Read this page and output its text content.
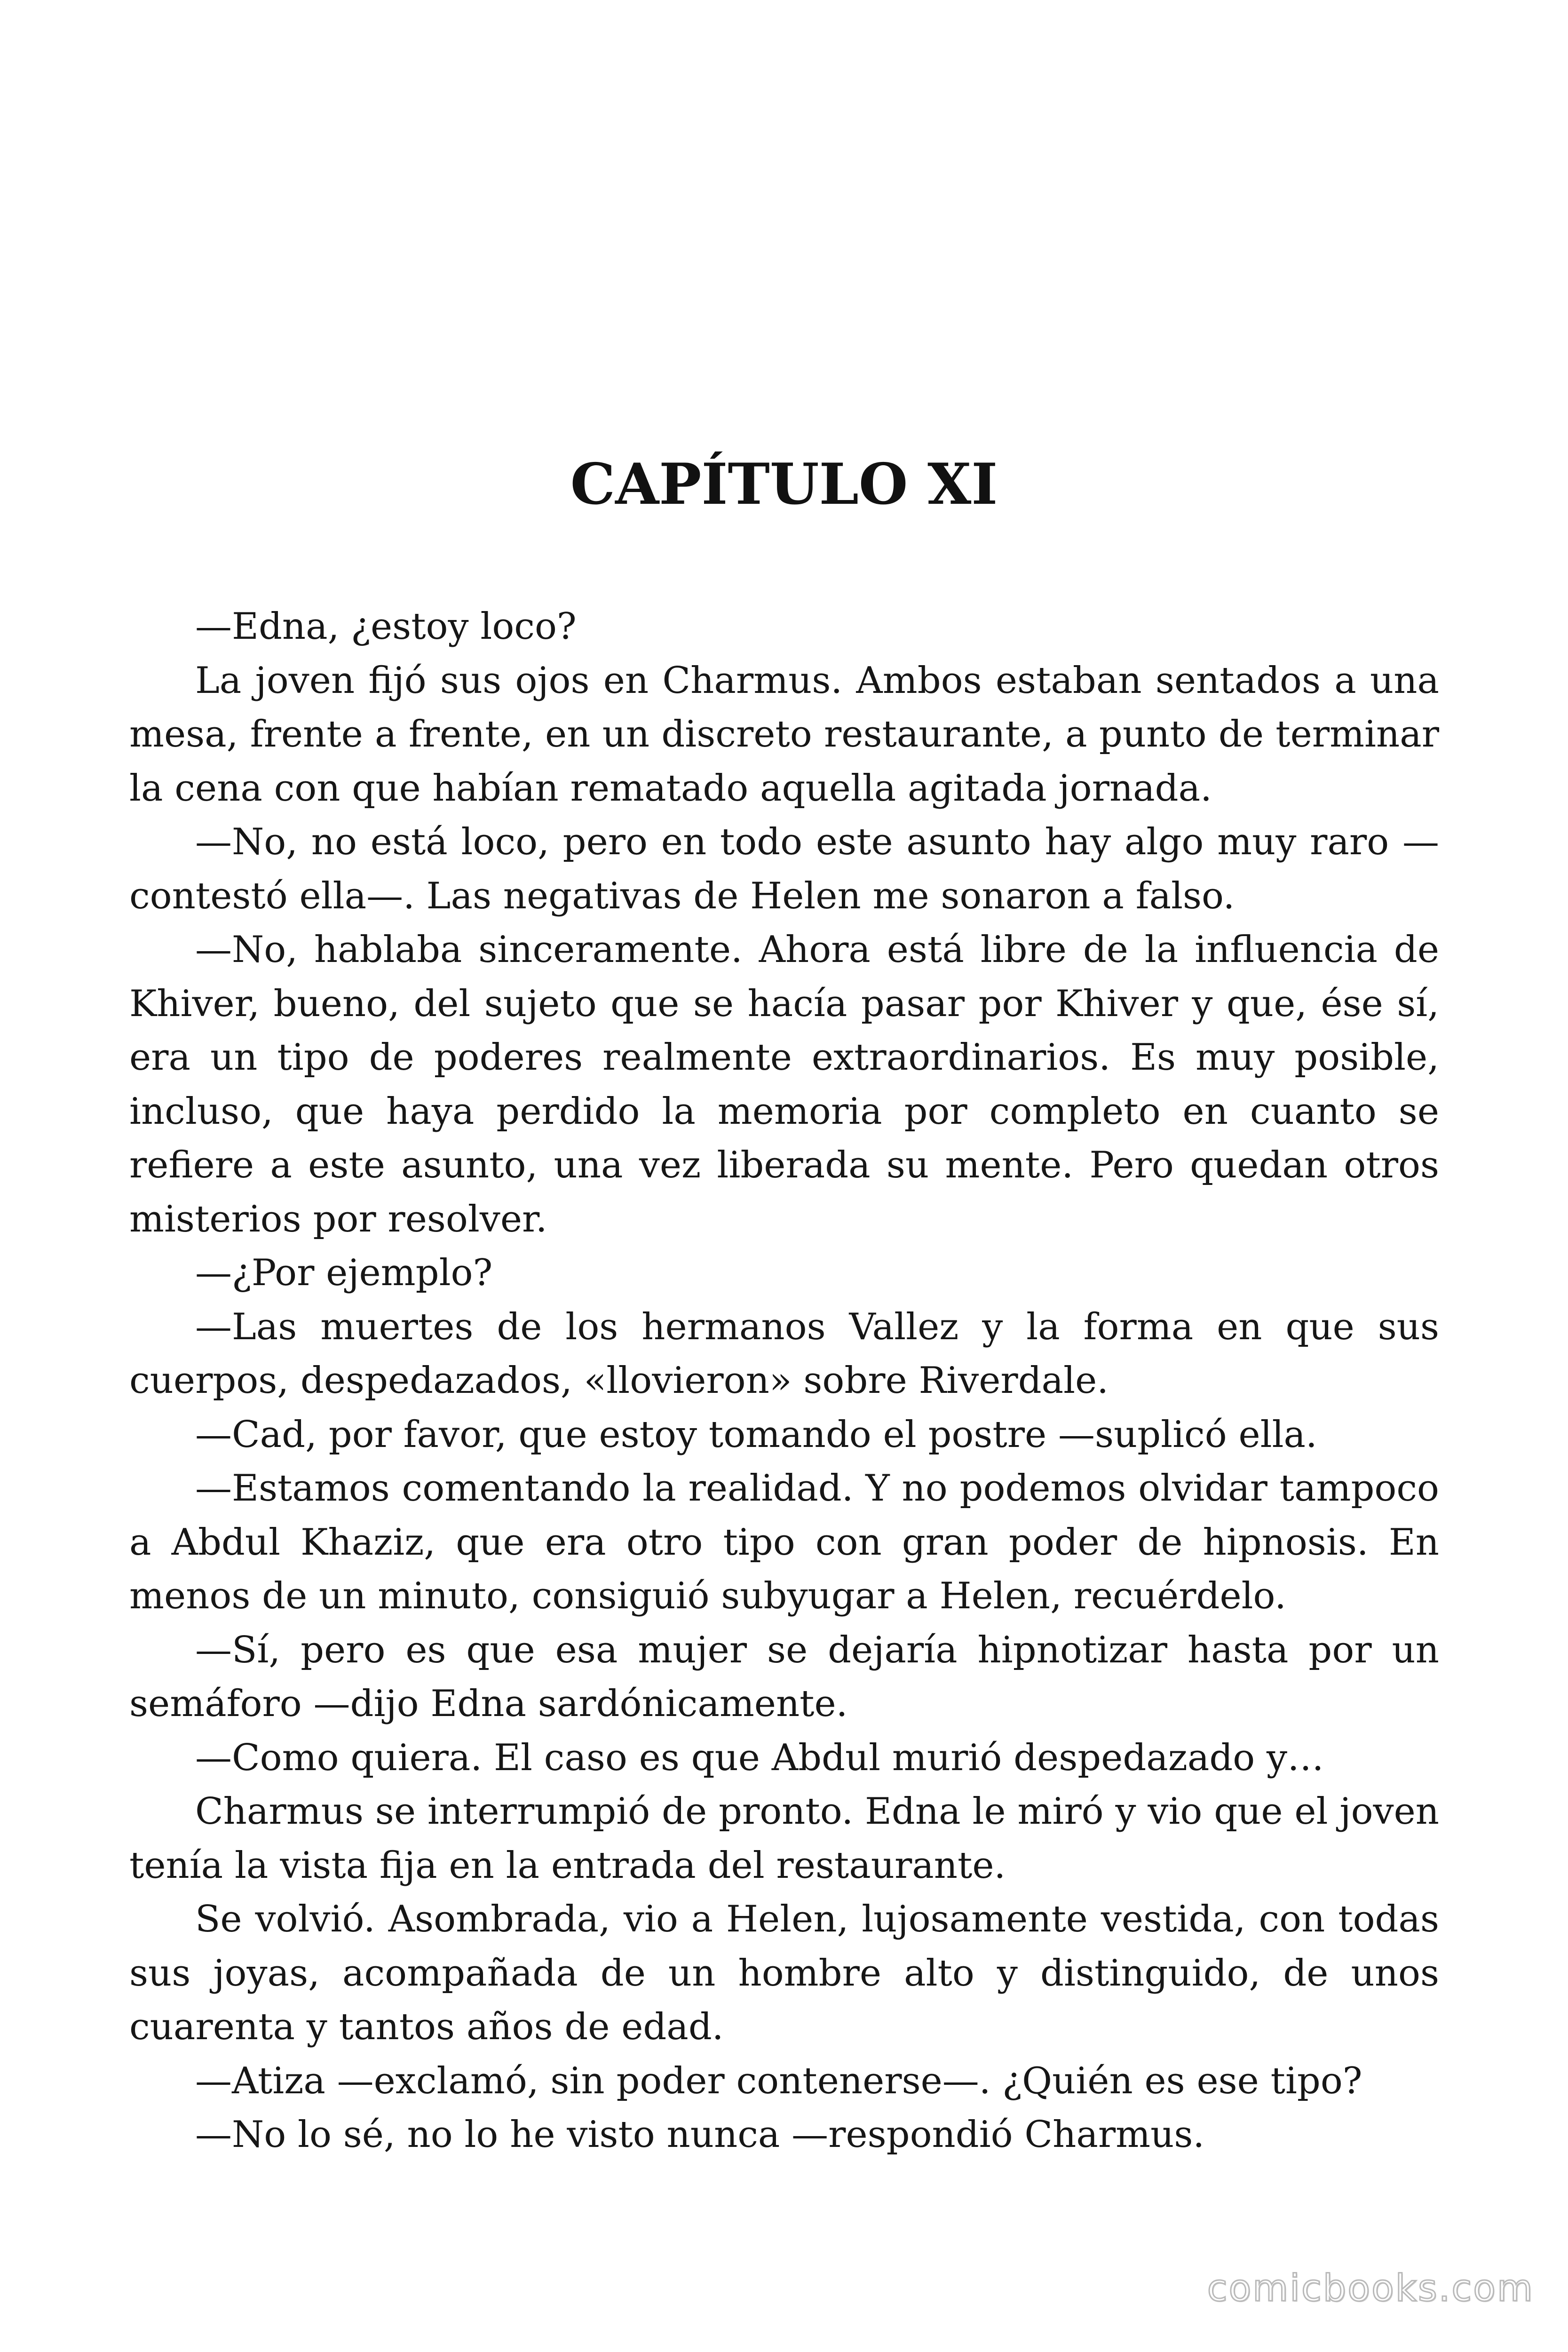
CAPÍTULO XI

—Edna, ¿estoy loco?

La joven fijó sus ojos en Charmus. Ambos estaban sentados a una mesa, frente a frente, en un discreto restaurante, a punto de terminar la cena con que habían rematado aquella agitada jornada.

—No, no está loco, pero en todo este asunto hay algo muy raro —contestó ella—. Las negativas de Helen me sonaron a falso.

—No, hablaba sinceramente. Ahora está libre de la influencia de Khiver, bueno, del sujeto que se hacía pasar por Khiver y que, ése sí, era un tipo de poderes realmente extraordinarios. Es muy posible, incluso, que haya perdido la memoria por completo en cuanto se refiere a este asunto, una vez liberada su mente. Pero quedan otros misterios por resolver.

—¿Por ejemplo?

—Las muertes de los hermanos Vallez y la forma en que sus cuerpos, despedazados, «llovieron» sobre Riverdale.

—Cad, por favor, que estoy tomando el postre —suplicó ella.

—Estamos comentando la realidad. Y no podemos olvidar tampoco a Abdul Khaziz, que era otro tipo con gran poder de hipnosis. En menos de un minuto, consiguió subyugar a Helen, recuérdelo.

—Sí, pero es que esa mujer se dejaría hipnotizar hasta por un semáforo —dijo Edna sardónicamente.

—Como quiera. El caso es que Abdul murió despedazado y…

Charmus se interrumpió de pronto. Edna le miró y vio que el joven tenía la vista fija en la entrada del restaurante.

Se volvió. Asombrada, vio a Helen, lujosamente vestida, con todas sus joyas, acompañada de un hombre alto y distinguido, de unos cuarenta y tantos años de edad.

—Atiza —exclamó, sin poder contenerse—. ¿Quién es ese tipo?

—No lo sé, no lo he visto nunca —respondió Charmus.

comicbooks.com
